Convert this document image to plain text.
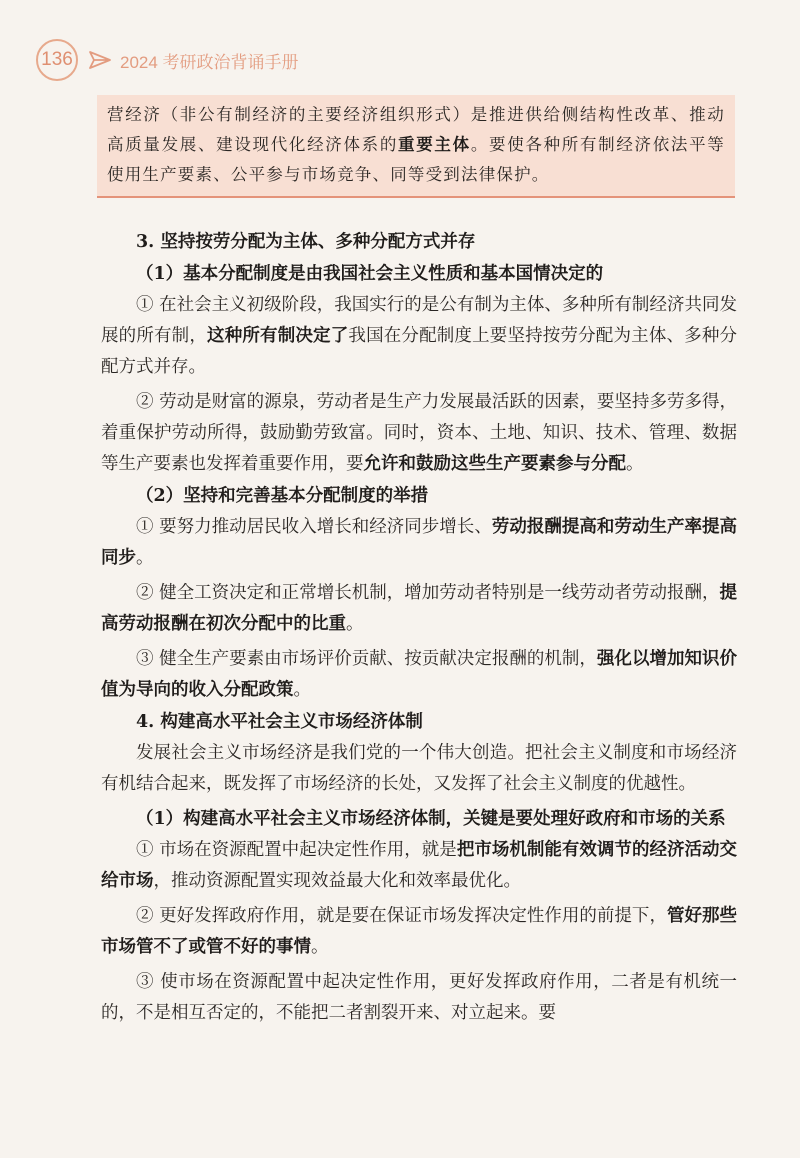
136	2024 考研政治背诵手册
营经济（非公有制经济的主要经济组织形式）是推进供给侧结构性改革、推动高质量发展、建设现代化经济体系的重要主体。要使各种所有制经济依法平等使用生产要素、公平参与市场竞争、同等受到法律保护。

3. 坚持按劳分配为主体、多种分配方式并存

（1）基本分配制度是由我国社会主义性质和基本国情决定的

① 在社会主义初级阶段，我国实行的是公有制为主体、多种所有制经济共同发展的所有制，这种所有制决定了我国在分配制度上要坚持按劳分配为主体、多种分配方式并存。

② 劳动是财富的源泉，劳动者是生产力发展最活跃的因素，要坚持多劳多得，着重保护劳动所得，鼓励勤劳致富。同时，资本、土地、知识、技术、管理、数据等生产要素也发挥着重要作用，要允许和鼓励这些生产要素参与分配。

（2）坚持和完善基本分配制度的举措

① 要努力推动居民收入增长和经济同步增长、劳动报酬提高和劳动生产率提高同步。

② 健全工资决定和正常增长机制，增加劳动者特别是一线劳动者劳动报酬，提高劳动报酬在初次分配中的比重。

③ 健全生产要素由市场评价贡献、按贡献决定报酬的机制，强化以增加知识价值为导向的收入分配政策。

4. 构建高水平社会主义市场经济体制

发展社会主义市场经济是我们党的一个伟大创造。把社会主义制度和市场经济有机结合起来，既发挥了市场经济的长处，又发挥了社会主义制度的优越性。

（1）构建高水平社会主义市场经济体制，关键是要处理好政府和市场的关系

① 市场在资源配置中起决定性作用，就是把市场机制能有效调节的经济活动交给市场，推动资源配置实现效益最大化和效率最优化。

② 更好发挥政府作用，就是要在保证市场发挥决定性作用的前提下，管好那些市场管不了或管不好的事情。

③ 使市场在资源配置中起决定性作用，更好发挥政府作用，二者是有机统一的，不是相互否定的，不能把二者割裂开来、对立起来。要
